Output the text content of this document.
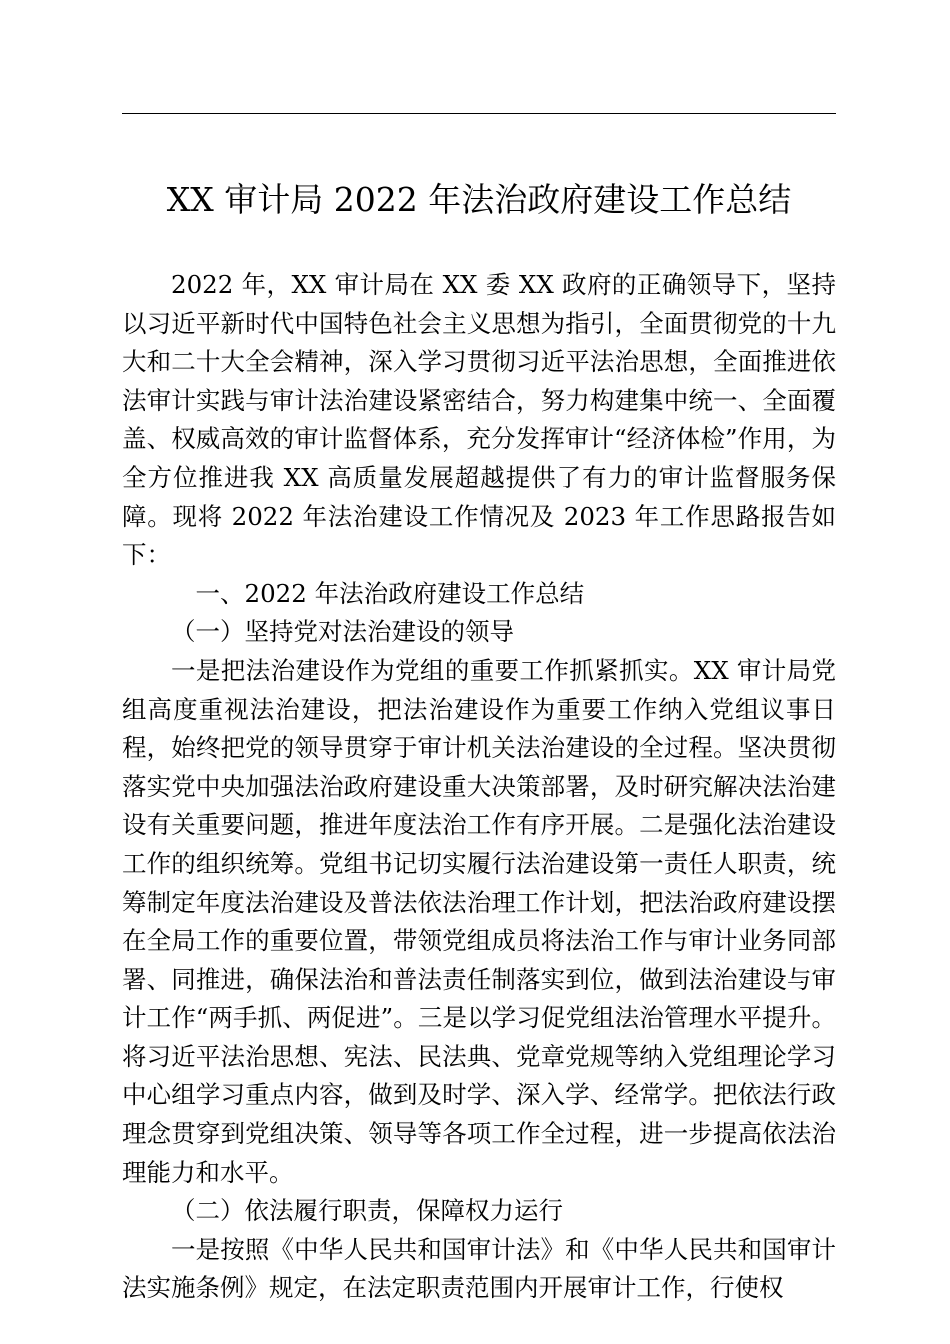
XX 审计局 2022 年法治政府建设工作总结

2022 年，XX 审计局在 XX 委 XX 政府的正确领导下，坚持以习近平新时代中国特色社会主义思想为指引，全面贯彻党的十九大和二十大全会精神，深入学习贯彻习近平法治思想，全面推进依法审计实践与审计法治建设紧密结合，努力构建集中统一、全面覆盖、权威高效的审计监督体系，充分发挥审计“经济体检”作用，为全方位推进我 XX 高质量发展超越提供了有力的审计监督服务保障。现将 2022 年法治建设工作情况及 2023 年工作思路报告如下：

一、2022 年法治政府建设工作总结

（一）坚持党对法治建设的领导

一是把法治建设作为党组的重要工作抓紧抓实。XX 审计局党组高度重视法治建设，把法治建设作为重要工作纳入党组议事日程，始终把党的领导贯穿于审计机关法治建设的全过程。坚决贯彻落实党中央加强法治政府建设重大决策部署，及时研究解决法治建设有关重要问题，推进年度法治工作有序开展。二是强化法治建设工作的组织统筹。党组书记切实履行法治建设第一责任人职责，统筹制定年度法治建设及普法依法治理工作计划，把法治政府建设摆在全局工作的重要位置，带领党组成员将法治工作与审计业务同部署、同推进，确保法治和普法责任制落实到位，做到法治建设与审计工作“两手抓、两促进”。三是以学习促党组法治管理水平提升。将习近平法治思想、宪法、民法典、党章党规等纳入党组理论学习中心组学习重点内容，做到及时学、深入学、经常学。把依法行政理念贯穿到党组决策、领导等各项工作全过程，进一步提高依法治理能力和水平。

（二）依法履行职责，保障权力运行

一是按照《中华人民共和国审计法》和《中华人民共和国审计法实施条例》规定，在法定职责范围内开展审计工作，行使权
